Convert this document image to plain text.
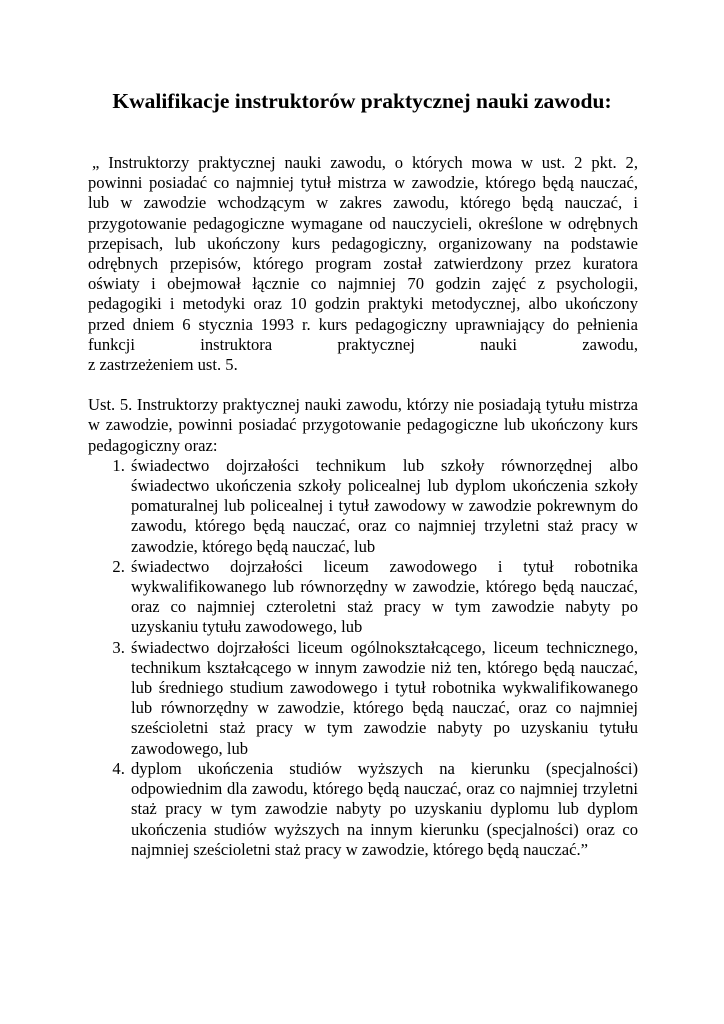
Kwalifikacje instruktorów praktycznej nauki zawodu:

„ Instruktorzy praktycznej nauki zawodu, o których mowa w ust. 2 pkt. 2, powinni posiadać co najmniej tytuł mistrza w zawodzie, którego będą nauczać, lub w zawodzie wchodzącym w zakres zawodu, którego będą nauczać, i przygotowanie pedagogiczne wymagane od nauczycieli, określone w odrębnych przepisach, lub ukończony kurs pedagogiczny, organizowany na podstawie odrębnych przepisów, którego program został zatwierdzony przez kuratora oświaty i obejmował łącznie co najmniej 70 godzin zajęć z psychologii, pedagogiki i metodyki oraz 10 godzin praktyki metodycznej, albo ukończony przed dniem 6 stycznia 1993 r. kurs pedagogiczny uprawniający do pełnienia funkcji instruktora praktycznej nauki zawodu,

z zastrzeżeniem ust. 5.

Ust. 5. Instruktorzy praktycznej nauki zawodu, którzy nie posiadają tytułu mistrza w zawodzie, powinni posiadać przygotowanie pedagogiczne lub ukończony kurs pedagogiczny oraz:

1. świadectwo dojrzałości technikum lub szkoły równorzędnej albo świadectwo ukończenia szkoły policealnej lub dyplom ukończenia szkoły pomaturalnej lub policealnej i tytuł zawodowy w zawodzie pokrewnym do zawodu, którego będą nauczać, oraz co najmniej trzyletni staż pracy w zawodzie, którego będą nauczać, lub
2. świadectwo dojrzałości liceum zawodowego i tytuł robotnika wykwalifikowanego lub równorzędny w zawodzie, którego będą nauczać, oraz co najmniej czteroletni staż pracy w tym zawodzie nabyty po uzyskaniu tytułu zawodowego, lub
3. świadectwo dojrzałości liceum ogólnokształcącego, liceum technicznego, technikum kształcącego w innym zawodzie niż ten, którego będą nauczać, lub średniego studium zawodowego i tytuł robotnika wykwalifikowanego lub równorzędny w zawodzie, którego będą nauczać, oraz co najmniej sześcioletni staż pracy w tym zawodzie nabyty po uzyskaniu tytułu zawodowego, lub
4. dyplom ukończenia studiów wyższych na kierunku (specjalności) odpowiednim dla zawodu, którego będą nauczać, oraz co najmniej trzyletni staż pracy w tym zawodzie nabyty po uzyskaniu dyplomu lub dyplom ukończenia studiów wyższych na innym kierunku (specjalności) oraz co najmniej sześcioletni staż pracy w zawodzie, którego będą nauczać.”
